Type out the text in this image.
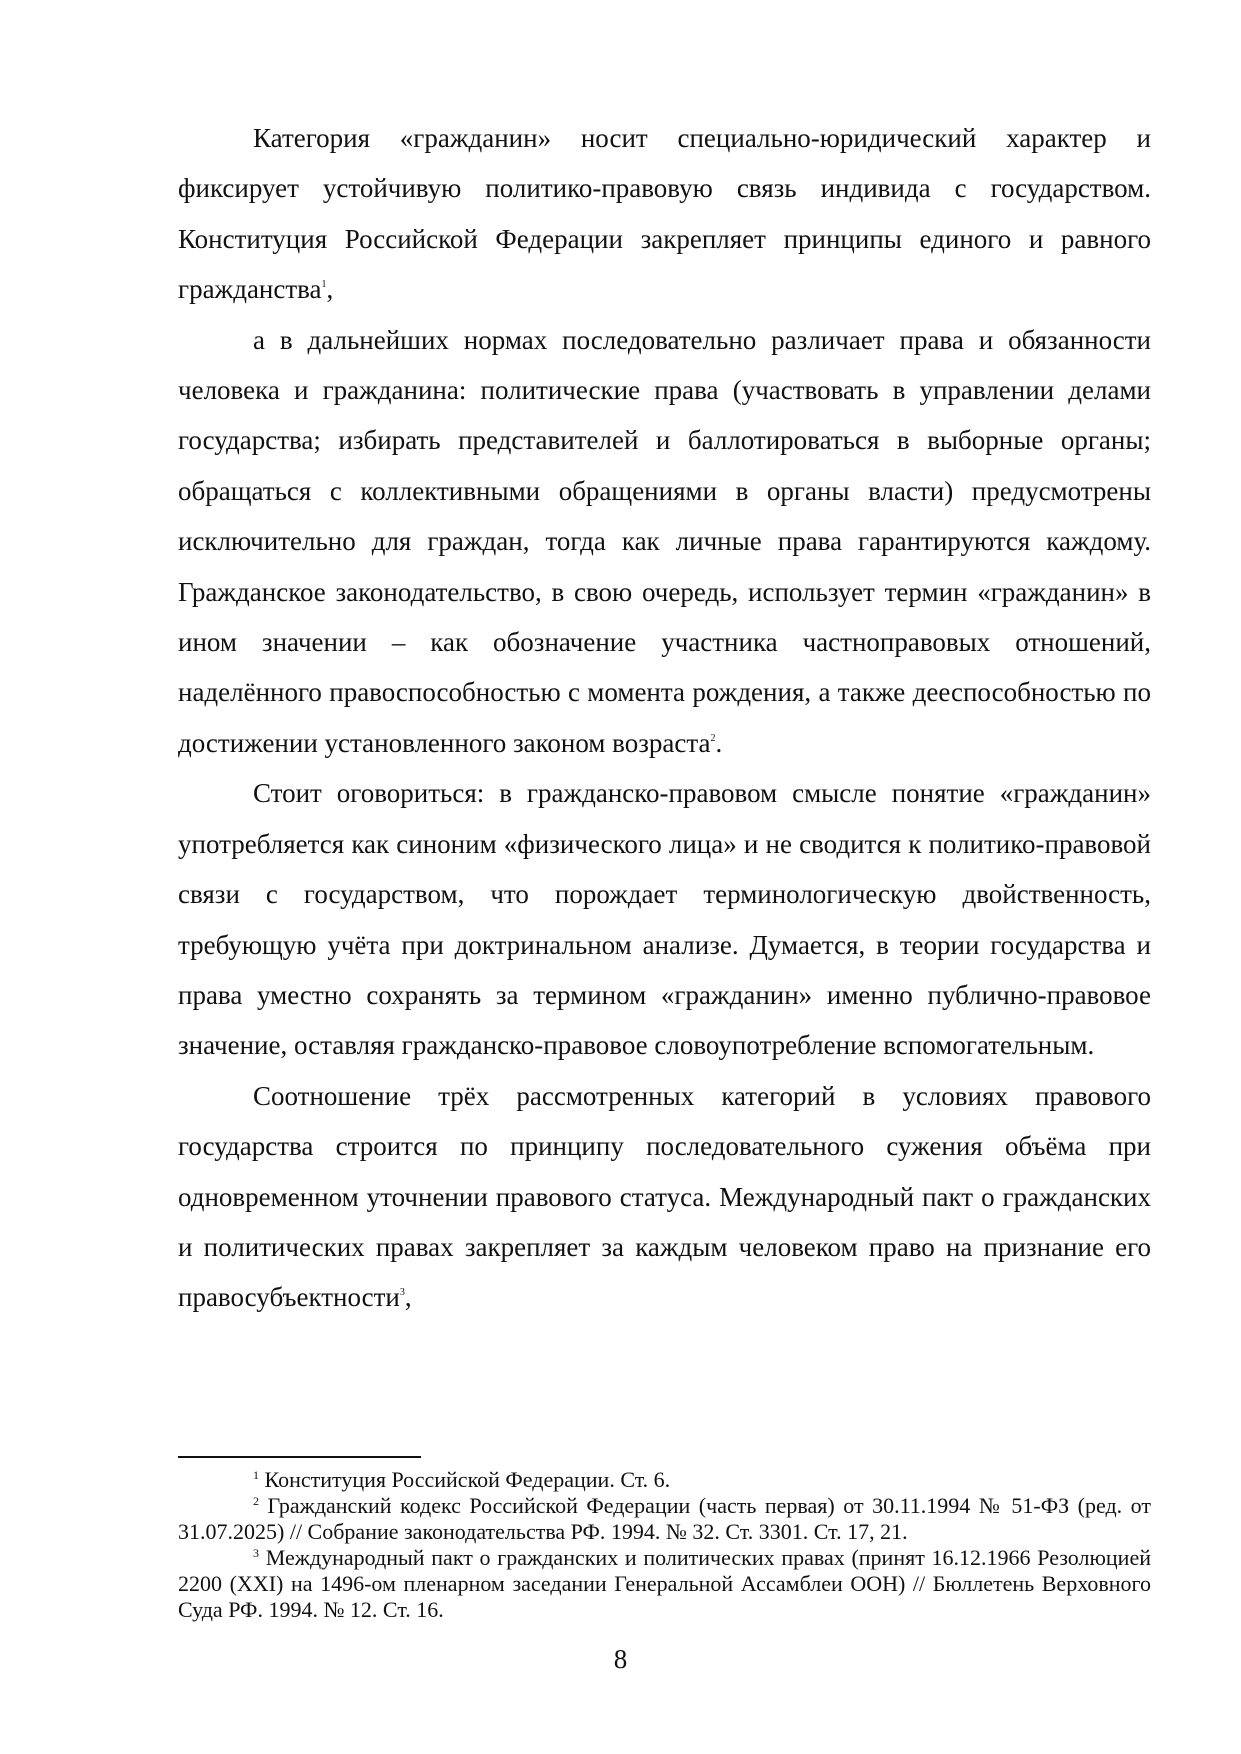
Категория «гражданин» носит специально-юридический характер и фиксирует устойчивую политико-правовую связь индивида с государством. Конституция Российской Федерации закрепляет принципы единого и равного гражданства$^1$,

а в дальнейших нормах последовательно различает права и обязанности человека и гражданина: политические права (участвовать в управлении делами государства; избирать представителей и баллотироваться в выборные органы; обращаться с коллективными обращениями в органы власти) предусмотрены исключительно для граждан, тогда как личные права гарантируются каждому. Гражданское законодательство, в свою очередь, использует термин «гражданин» в ином значении – как обозначение участника частноправовых отношений, наделённого правоспособностью с момента рождения, а также дееспособностью по достижении установленного законом возраста$^2$.

Стоит оговориться: в гражданско-правовом смысле понятие «гражданин» употребляется как синоним «физического лица» и не сводится к политико-правовой связи с государством, что порождает терминологическую двойственность, требующую учёта при доктринальном анализе. Думается, в теории государства и права уместно сохранять за термином «гражданин» именно публично-правовое значение, оставляя гражданско-правовое словоупотребление вспомогательным.

Соотношение трёх рассмотренных категорий в условиях правового государства строится по принципу последовательного сужения объёма при одновременном уточнении правового статуса. Международный пакт о гражданских и политических правах закрепляет за каждым человеком право на признание его правосубъектности$^3$,

$^1$ Конституция Российской Федерации. Ст. 6.

$^2$ Гражданский кодекс Российской Федерации (часть первая) от 30.11.1994 № 51-ФЗ (ред. от 31.07.2025) // Собрание законодательства РФ. 1994. № 32. Ст. 3301. Ст. 17, 21.

$^3$ Международный пакт о гражданских и политических правах (принят 16.12.1966 Резолюцией 2200 (XXI) на 1496-ом пленарном заседании Генеральной Ассамблеи ООН) // Бюллетень Верховного Суда РФ. 1994. № 12. Ст. 16.

8
